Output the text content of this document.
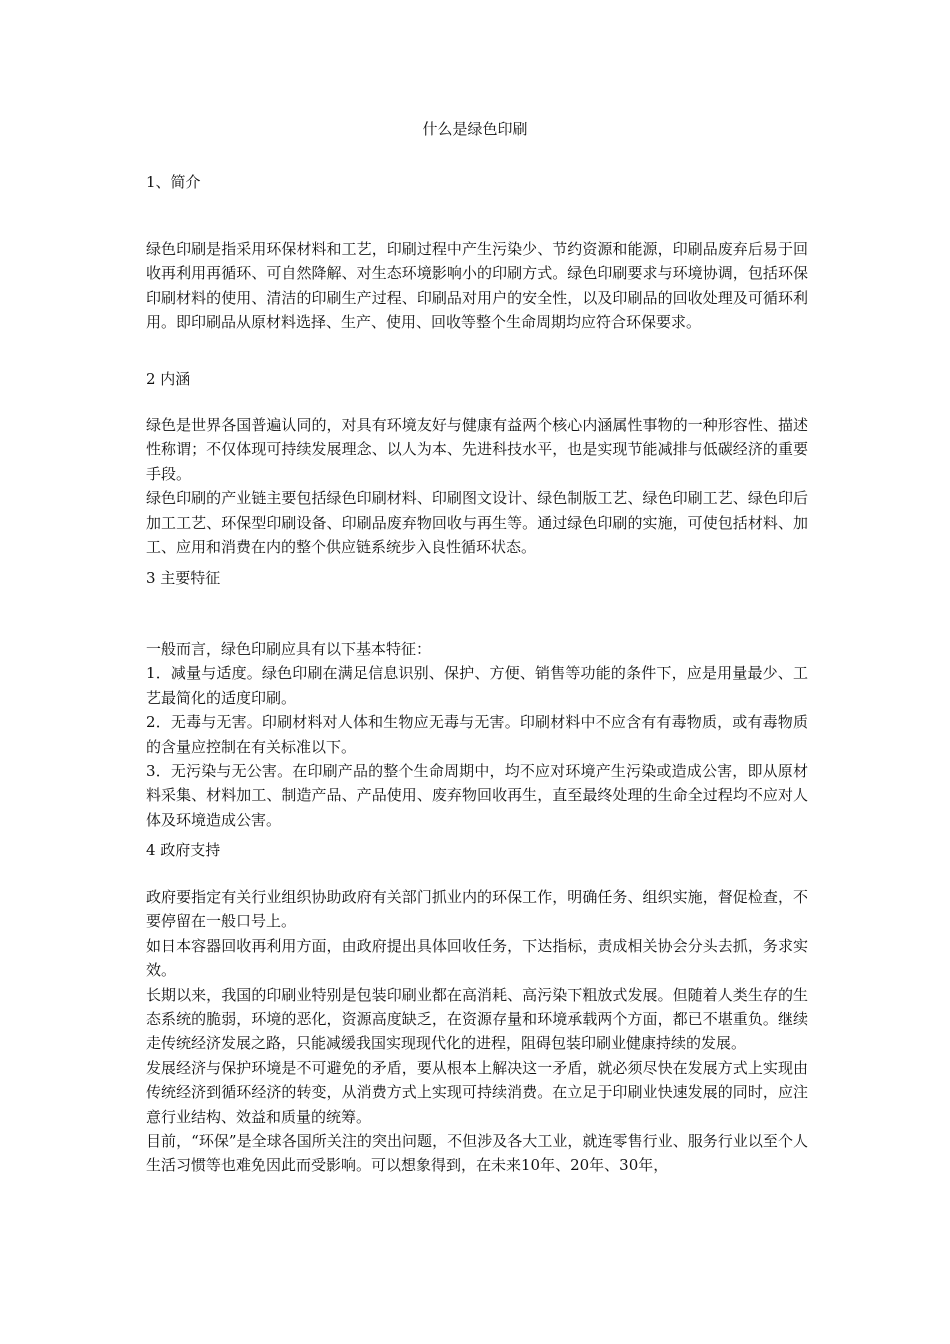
什么是绿色印刷
1、简介

绿色印刷是指采用环保材料和工艺，印刷过程中产生污染少、节约资源和能源，印刷品废弃后易于回收再利用再循环、可自然降解、对生态环境影响小的印刷方式。绿色印刷要求与环境协调，包括环保印刷材料的使用、清洁的印刷生产过程、印刷品对用户的安全性，以及印刷品的回收处理及可循环利用。即印刷品从原材料选择、生产、使用、回收等整个生命周期均应符合环保要求。

2 内涵

绿色是世界各国普遍认同的，对具有环境友好与健康有益两个核心内涵属性事物的一种形容性、描述性称谓；不仅体现可持续发展理念、以人为本、先进科技水平，也是实现节能减排与低碳经济的重要手段。

绿色印刷的产业链主要包括绿色印刷材料、印刷图文设计、绿色制版工艺、绿色印刷工艺、绿色印后加工工艺、环保型印刷设备、印刷品废弃物回收与再生等。通过绿色印刷的实施，可使包括材料、加工、应用和消费在内的整个供应链系统步入良性循环状态。

3 主要特征

一般而言，绿色印刷应具有以下基本特征：

1．减量与适度。绿色印刷在满足信息识别、保护、方便、销售等功能的条件下，应是用量最少、工艺最简化的适度印刷。

2．无毒与无害。印刷材料对人体和生物应无毒与无害。印刷材料中不应含有有毒物质，或有毒物质的含量应控制在有关标准以下。

3．无污染与无公害。在印刷产品的整个生命周期中，均不应对环境产生污染或造成公害，即从原材料采集、材料加工、制造产品、产品使用、废弃物回收再生，直至最终处理的生命全过程均不应对人体及环境造成公害。

4 政府支持

政府要指定有关行业组织协助政府有关部门抓业内的环保工作，明确任务、组织实施，督促检查，不要停留在一般口号上。

如日本容器回收再利用方面，由政府提出具体回收任务，下达指标，责成相关协会分头去抓，务求实效。

长期以来，我国的印刷业特别是包装印刷业都在高消耗、高污染下粗放式发展。但随着人类生存的生态系统的脆弱，环境的恶化，资源高度缺乏，在资源存量和环境承载两个方面，都已不堪重负。继续走传统经济发展之路，只能减缓我国实现现代化的进程，阻碍包装印刷业健康持续的发展。

发展经济与保护环境是不可避免的矛盾，要从根本上解决这一矛盾，就必须尽快在发展方式上实现由传统经济到循环经济的转变，从消费方式上实现可持续消费。在立足于印刷业快速发展的同时，应注意行业结构、效益和质量的统筹。

目前，“环保”是全球各国所关注的突出问题，不但涉及各大工业，就连零售行业、服务行业以至个人生活习惯等也难免因此而受影响。可以想象得到，在未来10年、20年、30年，
